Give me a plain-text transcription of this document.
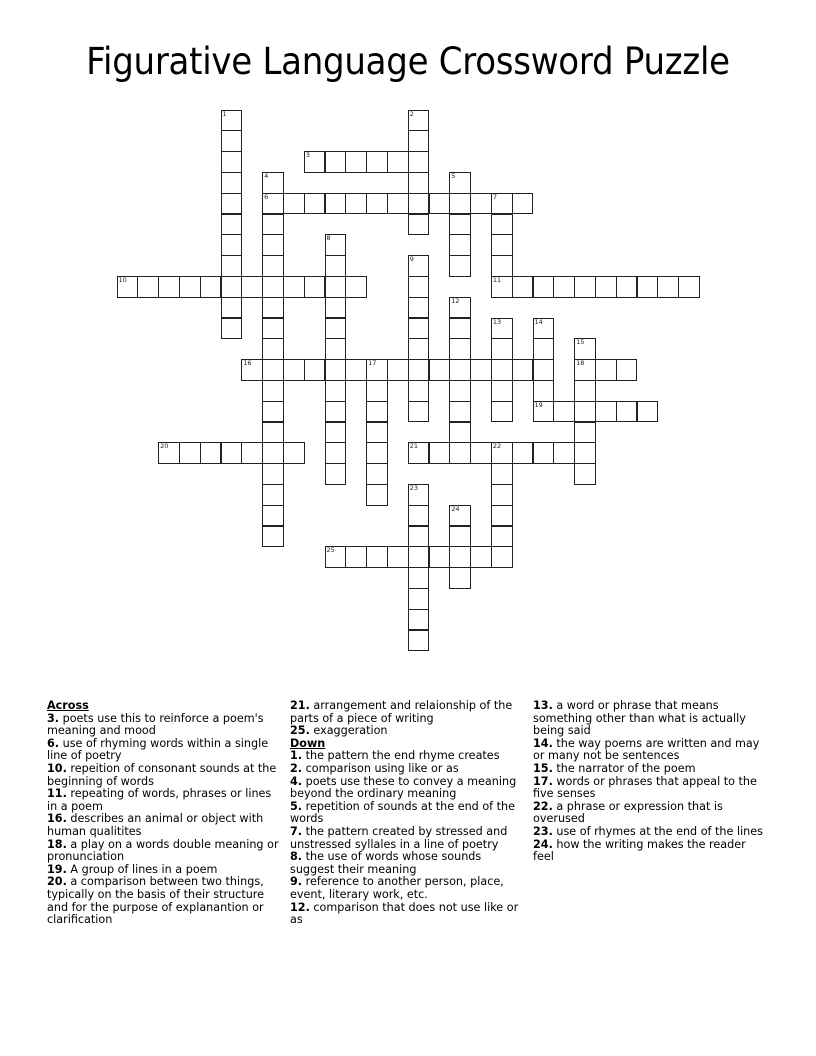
Figurative Language Crossword Puzzle
1	2
3
4
6
5
7
11
8
9
10
12
13	14
19
15
18
16	17
20	21	22
23
24
25
Across
3. poets use this to reinforce a poem's meaning and mood
6. use of rhyming words within a single line of poetry
10. repeition of consonant sounds at the beginning of words
11. repeating of words, phrases or lines in a poem
16. describes an animal or object with human qualitites
18. a play on a words double meaning or pronunciation
19. A group of lines in a poem
20. a comparison between two things, typically on the basis of their structure and for the purpose of explanantion or clarification
21. arrangement and relaionship of the parts of a piece of writing
25. exaggeration
Down
1. the pattern the end rhyme creates
2. comparison using like or as
4. poets use these to convey a meaning beyond the ordinary meaning
5. repetition of sounds at the end of the words
7. the pattern created by stressed and unstressed syllales in a line of poetry
8. the use of words whose sounds suggest their meaning
9. reference to another person, place, event, literary work, etc.
12. comparison that does not use like or as
13. a word or phrase that means something other than what is actually being said
14. the way poems are written and may or many not be sentences
15. the narrator of the poem
17. words or phrases that appeal to the five senses
22. a phrase or expression that is overused
23. use of rhymes at the end of the lines
24. how the writing makes the reader feel
